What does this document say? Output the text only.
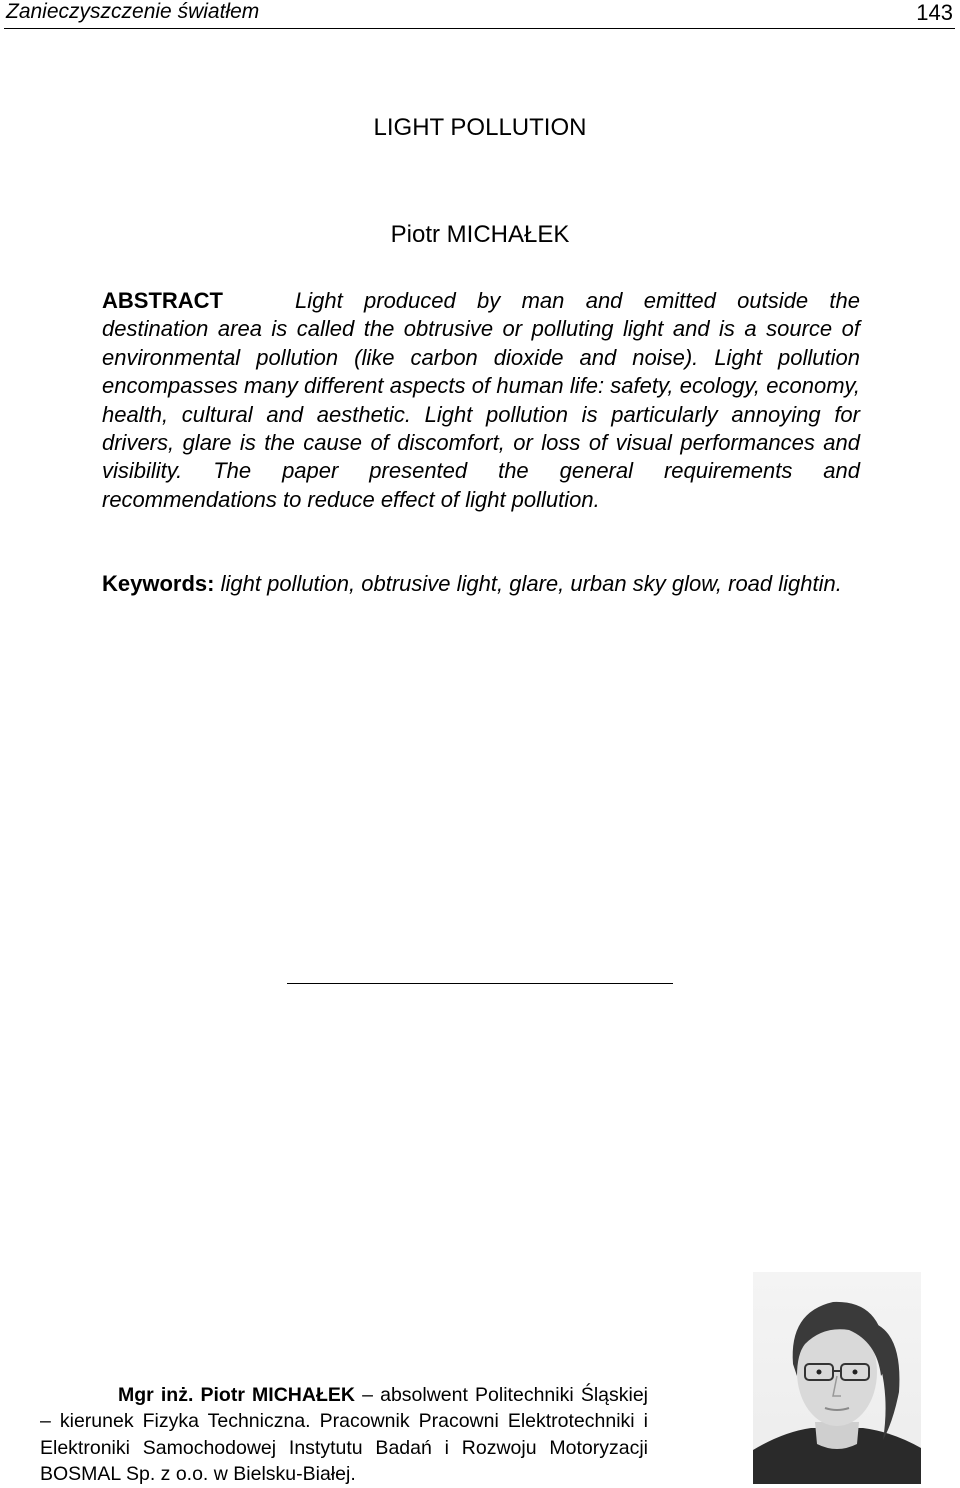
Zanieczyszczenie światłem	143
LIGHT POLLUTION
Piotr MICHAŁEK

ABSTRACT	Light produced by man and emitted outside the destination area is called the obtrusive or polluting light and is a source of environmental pollution (like carbon dioxide and noise). Light pollution encompasses many different aspects of human life: safety, ecology, economy, health, cultural and aesthetic. Light pollution is particularly annoying for drivers, glare is the cause of discomfort, or loss of visual performances and visibility. The paper presented the general requirements and recommendations to reduce effect of light pollution.

Keywords: light pollution, obtrusive light, glare, urban sky glow, road lightin.

Mgr inż. Piotr MICHAŁEK – absolwent Politechniki Śląskiej – kierunek Fizyka Techniczna. Pracownik Pracowni Elektrotechniki i Elektroniki Samochodowej Instytutu Badań i Rozwoju Motoryzacji BOSMAL Sp. z o.o. w Bielsku-Białej.
